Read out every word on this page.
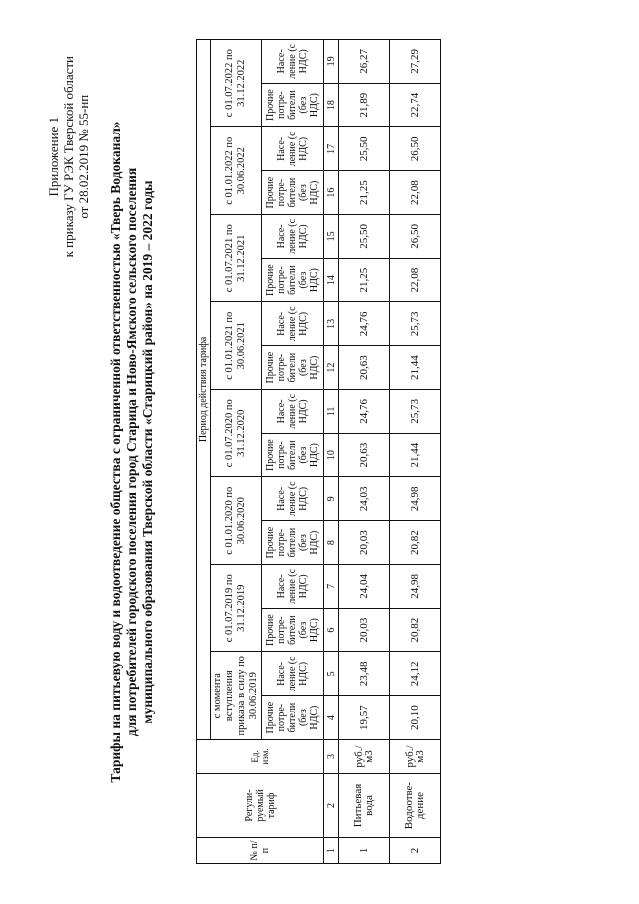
Приложение 1 к приказу ГУ РЭК Тверской области от 28.02.2019 № 55-нп Тарифы на питьевую воду и водоотведение общества с ограниченной ответственностью «Тверь Водоканал» для потребителей городского поселения город Старица и Ново-Ямского сельского поселения муниципального образования Тверской области «Старицкий район» на 2019 – 2022 годы
№ п/п	Регули-руемый тариф	Ед. изм.	Период действия тарифа															
			с момента вступления приказа в силу по 30.06.2019		с 01.07.2019 по 31.12.2019		с 01.01.2020 по 30.06.2020		с 01.07.2020 по 31.12.2020		с 01.01.2021 по 30.06.2021		с 01.07.2021 по 31.12.2021		с 01.01.2022 по 30.06.2022		с 01.07.2022 по 31.12.2022	
			Прочие потре-бители (без НДС)	Насе-ление (с НДС)	Прочие потре-бители (без НДС)	Насе-ление (с НДС)	Прочие потре-бители (без НДС)	Насе-ление (с НДС)	Прочие потре-бители (без НДС)	Насе-ление (с НДС)	Прочие потре-бители (без НДС)	Насе-ление (с НДС)	Прочие потре-бители (без НДС)	Насе-ление (с НДС)	Прочие потре-бители (без НДС)	Насе-ление (с НДС)	Прочие потре-бители (без НДС)	Насе-ление (с НДС)
1	2	3	4	5	6	7	8	9	10	11	12	13	14	15	16	17	18	19
1	Питьевая вода	руб./ м3	19,57	23,48	20,03	24,04	20,03	24,03	20,63	24,76	20,63	24,76	21,25	25,50	21,25	25,50	21,89	26,27
2	Водоотве-дение	руб./ м3	20,10	24,12	20,82	24,98	20,82	24,98	21,44	25,73	21,44	25,73	22,08	26,50	22,08	26,50	22,74	27,29
